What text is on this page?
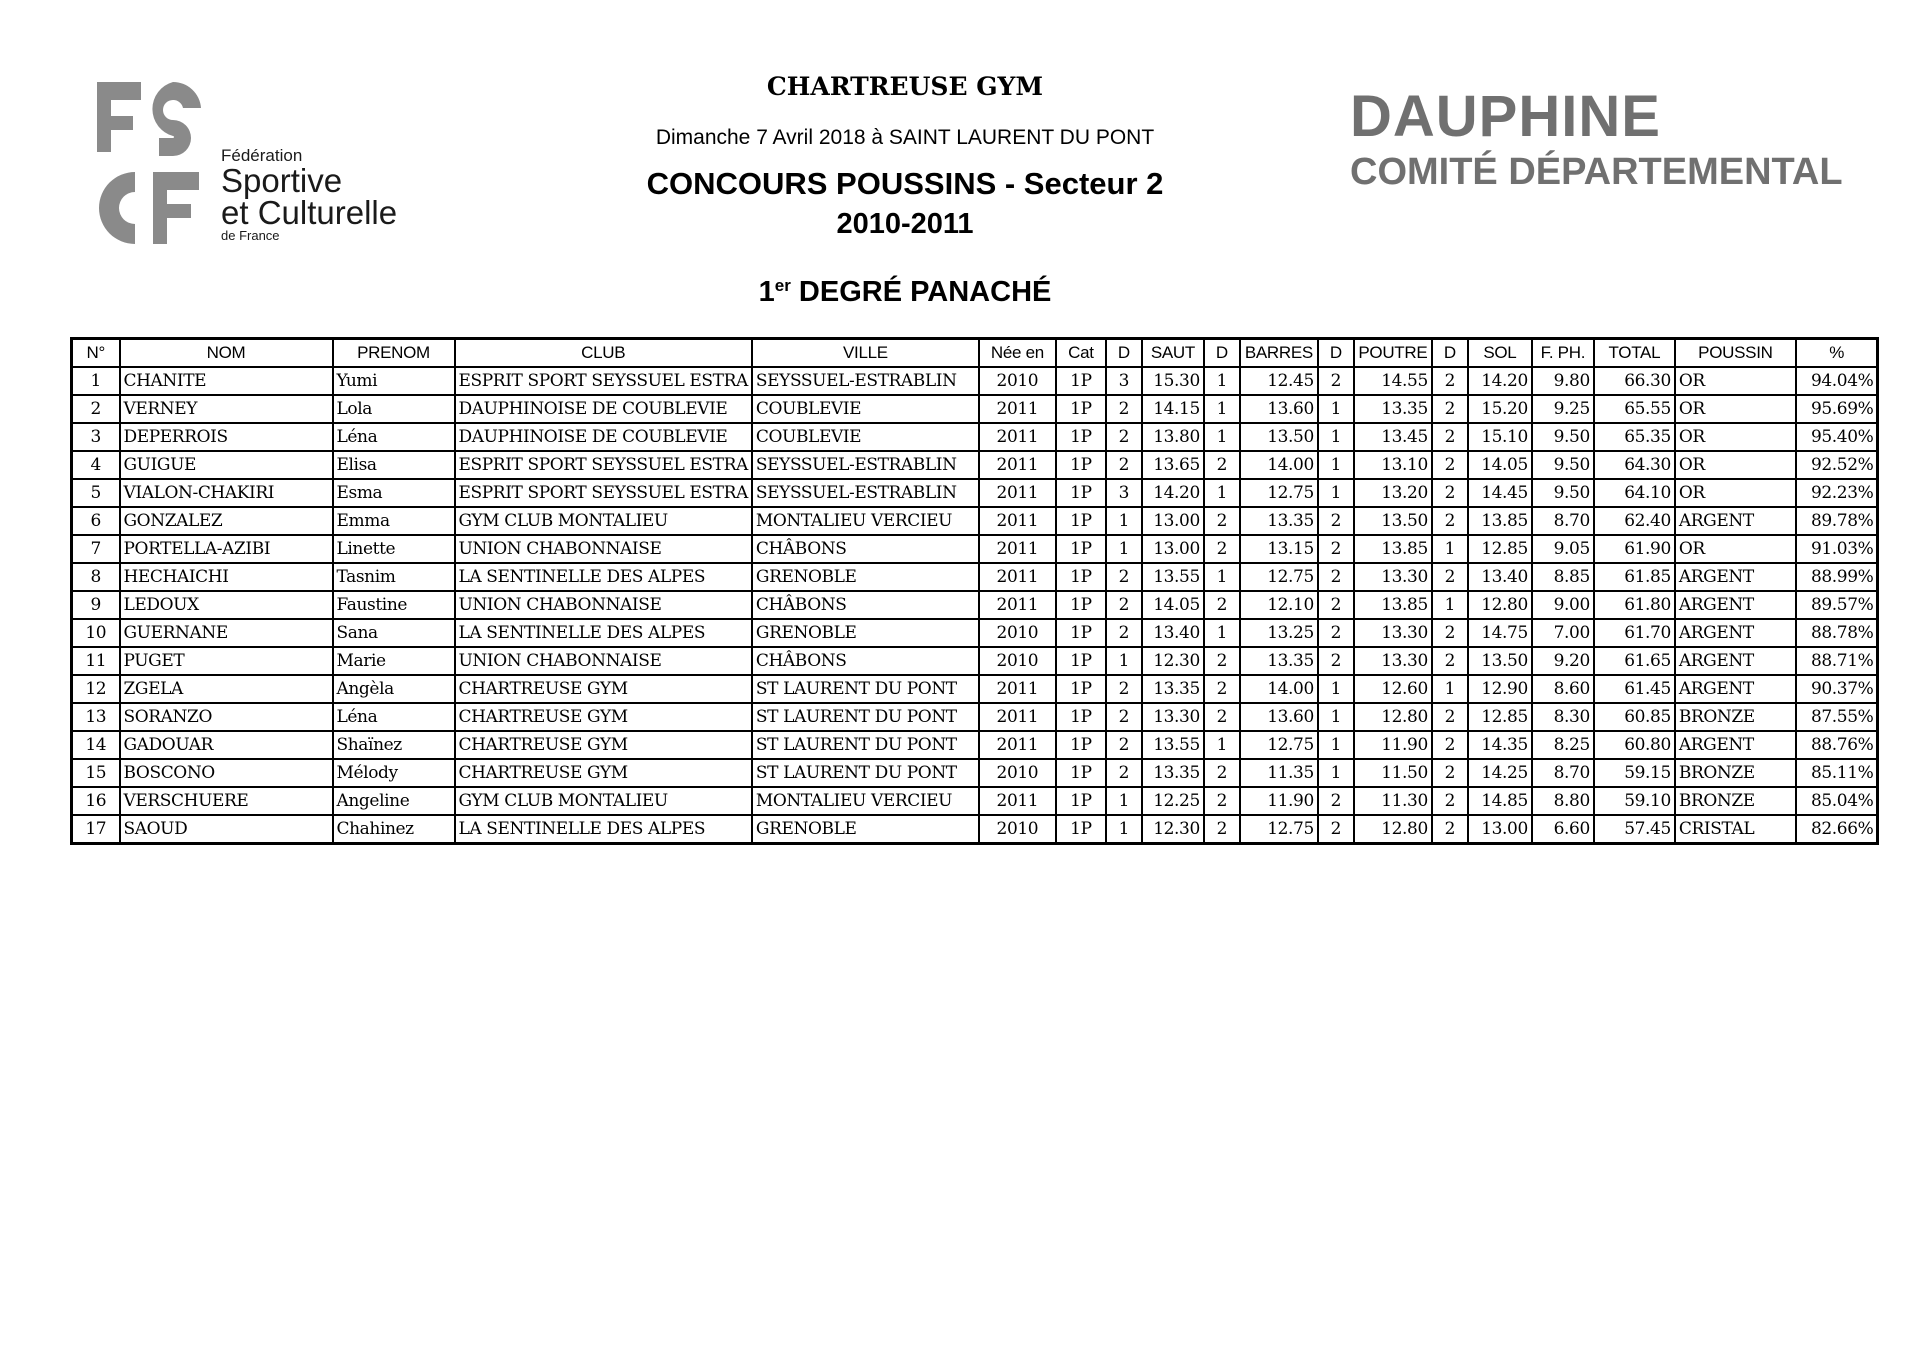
Fédération
Sportive
et Culturelle
de France
DAUPHINE
COMITÉ DÉPARTEMENTAL
CHARTREUSE GYM
Dimanche 7 Avril 2018 à SAINT LAURENT DU PONT
CONCOURS POUSSINS - Secteur 2
2010-2011
1er DEGRÉ PANACHÉ
N°	NOM	PRENOM	CLUB	VILLE	Née en	Cat	D	SAUT	D	BARRES	D	POUTRE	D	SOL	F. PH.	TOTAL	POUSSIN	%
1	CHANITE	Yumi	ESPRIT SPORT SEYSSUEL ESTRA	SEYSSUEL-ESTRABLIN	2010	1P	3	15.30	1	12.45	2	14.55	2	14.20	9.80	66.30	OR	94.04%
2	VERNEY	Lola	DAUPHINOISE DE COUBLEVIE	COUBLEVIE	2011	1P	2	14.15	1	13.60	1	13.35	2	15.20	9.25	65.55	OR	95.69%
3	DEPERROIS	Léna	DAUPHINOISE DE COUBLEVIE	COUBLEVIE	2011	1P	2	13.80	1	13.50	1	13.45	2	15.10	9.50	65.35	OR	95.40%
4	GUIGUE	Elisa	ESPRIT SPORT SEYSSUEL ESTRA	SEYSSUEL-ESTRABLIN	2011	1P	2	13.65	2	14.00	1	13.10	2	14.05	9.50	64.30	OR	92.52%
5	VIALON-CHAKIRI	Esma	ESPRIT SPORT SEYSSUEL ESTRA	SEYSSUEL-ESTRABLIN	2011	1P	3	14.20	1	12.75	1	13.20	2	14.45	9.50	64.10	OR	92.23%
6	GONZALEZ	Emma	GYM CLUB MONTALIEU	MONTALIEU VERCIEU	2011	1P	1	13.00	2	13.35	2	13.50	2	13.85	8.70	62.40	ARGENT	89.78%
7	PORTELLA-AZIBI	Linette	UNION CHABONNAISE	CHÂBONS	2011	1P	1	13.00	2	13.15	2	13.85	1	12.85	9.05	61.90	OR	91.03%
8	HECHAICHI	Tasnim	LA SENTINELLE DES ALPES	GRENOBLE	2011	1P	2	13.55	1	12.75	2	13.30	2	13.40	8.85	61.85	ARGENT	88.99%
9	LEDOUX	Faustine	UNION CHABONNAISE	CHÂBONS	2011	1P	2	14.05	2	12.10	2	13.85	1	12.80	9.00	61.80	ARGENT	89.57%
10	GUERNANE	Sana	LA SENTINELLE DES ALPES	GRENOBLE	2010	1P	2	13.40	1	13.25	2	13.30	2	14.75	7.00	61.70	ARGENT	88.78%
11	PUGET	Marie	UNION CHABONNAISE	CHÂBONS	2010	1P	1	12.30	2	13.35	2	13.30	2	13.50	9.20	61.65	ARGENT	88.71%
12	ZGELA	Angèla	CHARTREUSE GYM	ST LAURENT DU PONT	2011	1P	2	13.35	2	14.00	1	12.60	1	12.90	8.60	61.45	ARGENT	90.37%
13	SORANZO	Léna	CHARTREUSE GYM	ST LAURENT DU PONT	2011	1P	2	13.30	2	13.60	1	12.80	2	12.85	8.30	60.85	BRONZE	87.55%
14	GADOUAR	Shaïnez	CHARTREUSE GYM	ST LAURENT DU PONT	2011	1P	2	13.55	1	12.75	1	11.90	2	14.35	8.25	60.80	ARGENT	88.76%
15	BOSCONO	Mélody	CHARTREUSE GYM	ST LAURENT DU PONT	2010	1P	2	13.35	2	11.35	1	11.50	2	14.25	8.70	59.15	BRONZE	85.11%
16	VERSCHUERE	Angeline	GYM CLUB MONTALIEU	MONTALIEU VERCIEU	2011	1P	1	12.25	2	11.90	2	11.30	2	14.85	8.80	59.10	BRONZE	85.04%
17	SAOUD	Chahinez	LA SENTINELLE DES ALPES	GRENOBLE	2010	1P	1	12.30	2	12.75	2	12.80	2	13.00	6.60	57.45	CRISTAL	82.66%
